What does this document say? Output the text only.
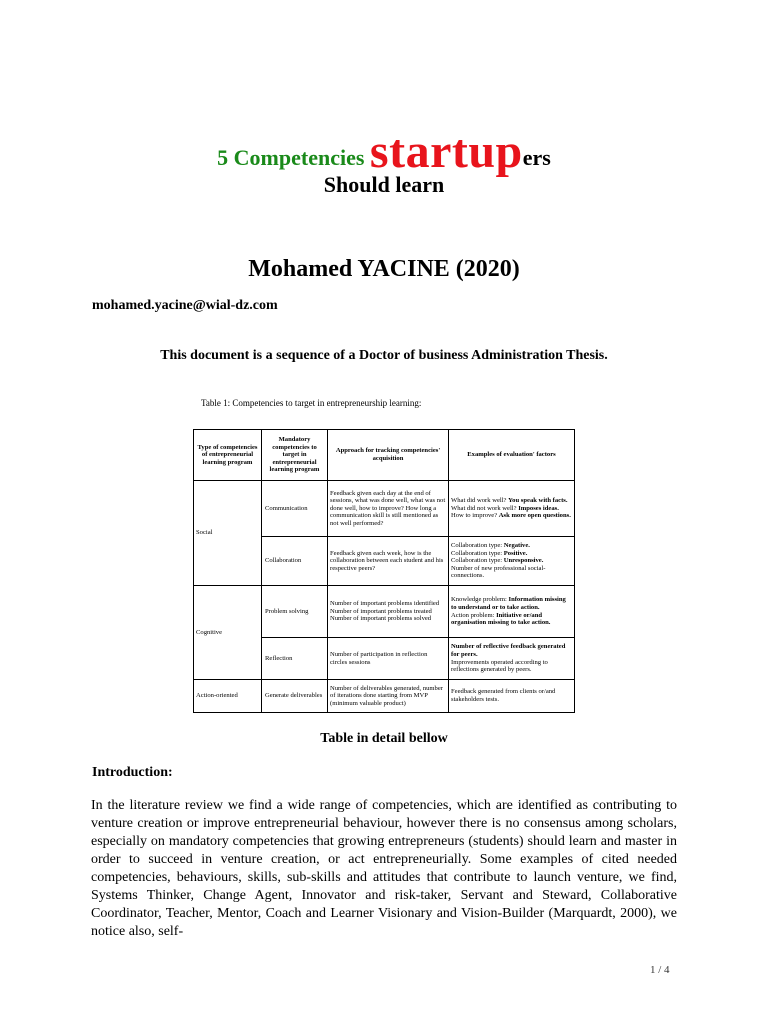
5 Competencies startupers
Should learn
Mohamed YACINE (2020)
mohamed.yacine@wial-dz.com
This document is a sequence of a Doctor of business Administration Thesis.
Table 1: Competencies to target in entrepreneurship learning:
Type of competencies of entrepreneurial learning program	Mandatory competencies to target in entrepreneurial learning program	Approach for tracking competencies' acquisition	Examples of evaluation' factors
Social	Communication	Feedback given each day at the end of sessions, what was done well, what was not done well, how to improve? How long a communication skill is still mentioned as not well performed?	What did work well? You speak with facts.
What did not work well? Imposes ideas.
How to improve? Ask more open questions.
	Collaboration	Feedback given each week, how is the collaboration between each student and his respective peers?	Collaboration type: Negative.
Collaboration type: Positive.
Collaboration type: Unresponsive.
Number of new professional social-connections.
Cognitive	Problem solving	Number of important problems identified Number of important problems treated Number of important problems solved	Knowledge problem: Information missing to understand or to take action.
Action problem: Initiative or/and organisation missing to take action.
	Reflection	Number of participation in reflection circles sessions	Number of reflective feedback generated for peers.
Improvements operated according to reflections generated by peers.
Action-oriented	Generate deliverables	Number of deliverables generated, number of iterations done starting from MVP (minimum valuable product)	Feedback generated from clients or/and stakeholders tests.
Table in detail bellow
Introduction:
In the literature review we find a wide range of competencies, which are identified as contributing to venture creation or improve entrepreneurial behaviour, however there is no consensus among scholars, especially on mandatory competencies that growing entrepreneurs (students) should learn and master in order to succeed in venture creation, or act entrepreneurially. Some examples of cited needed competencies, behaviours, skills, sub-skills and attitudes that contribute to launch venture, we find, Systems Thinker, Change Agent, Innovator and risk-taker, Servant and Steward, Collaborative Coordinator, Teacher, Mentor, Coach and Learner Visionary and Vision-Builder (Marquardt, 2000), we notice also, self-
1 / 4
